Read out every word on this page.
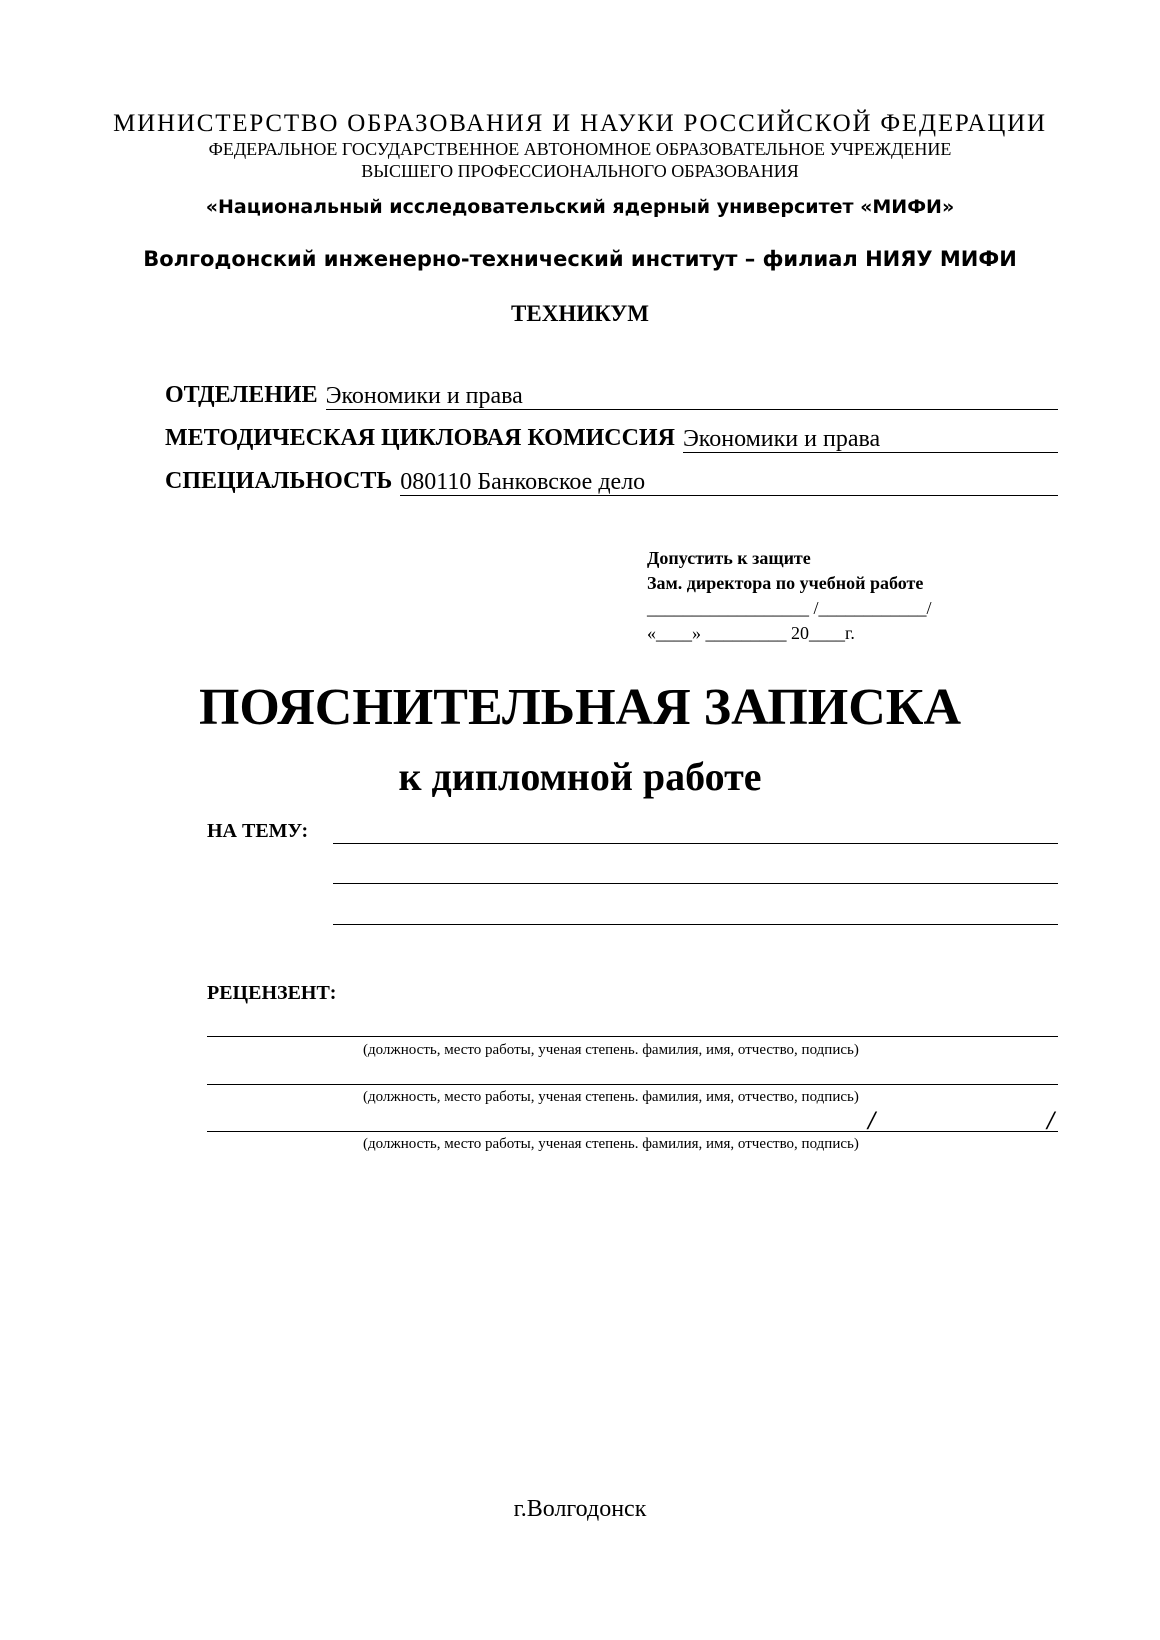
МИНИСТЕРСТВО ОБРАЗОВАНИЯ И НАУКИ РОССИЙСКОЙ ФЕДЕРАЦИИ
ФЕДЕРАЛЬНОЕ ГОСУДАРСТВЕННОЕ АВТОНОМНОЕ ОБРАЗОВАТЕЛЬНОЕ УЧРЕЖДЕНИЕ
ВЫСШЕГО ПРОФЕССИОНАЛЬНОГО ОБРАЗОВАНИЯ
«Национальный исследовательский ядерный университет «МИФИ»
Волгодонский инженерно-технический институт – филиал НИЯУ МИФИ
ТЕХНИКУМ
ОТДЕЛЕНИЕ Экономики и права
МЕТОДИЧЕСКАЯ ЦИКЛОВАЯ КОМИССИЯ Экономики и права
СПЕЦИАЛЬНОСТЬ 080110 Банковское дело
Допустить к защите
Зам. директора по учебной работе
__________________ /____________/
«____» _________ 20____г.
ПОЯСНИТЕЛЬНАЯ ЗАПИСКА
к дипломной работе
НА ТЕМУ:
РЕЦЕНЗЕНТ:
(должность, место работы, ученая степень. фамилия, имя, отчество, подпись)
(должность, место работы, ученая степень. фамилия, имя, отчество, подпись)
/	/
(должность, место работы, ученая степень. фамилия, имя, отчество, подпись)
г.Волгодонск
